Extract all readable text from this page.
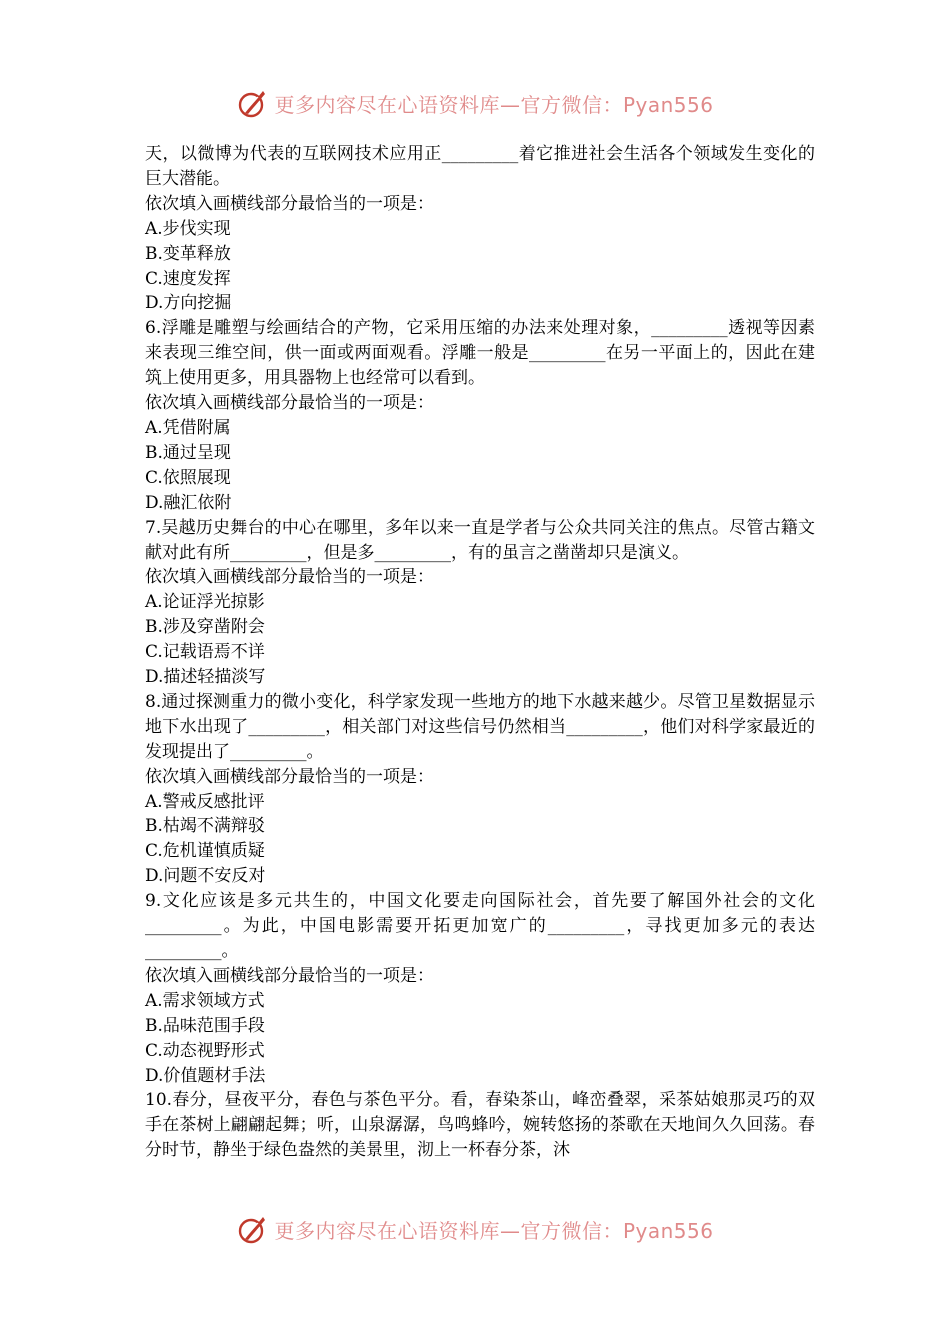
更多内容尽在心语资料库—官方微信：Pyan556

天，以微博为代表的互联网技术应用正_________着它推进社会生活各个领域发生变化的巨大潜能。

依次填入画横线部分最恰当的一项是：

A.步伐实现

B.变革释放

C.速度发挥

D.方向挖掘

6.浮雕是雕塑与绘画结合的产物，它采用压缩的办法来处理对象，_________透视等因素来表现三维空间，供一面或两面观看。浮雕一般是_________在另一平面上的，因此在建筑上使用更多，用具器物上也经常可以看到。

依次填入画横线部分最恰当的一项是：

A.凭借附属

B.通过呈现

C.依照展现

D.融汇依附

7.吴越历史舞台的中心在哪里，多年以来一直是学者与公众共同关注的焦点。尽管古籍文献对此有所_________，但是多_________，有的虽言之凿凿却只是演义。

依次填入画横线部分最恰当的一项是：

A.论证浮光掠影

B.涉及穿凿附会

C.记载语焉不详

D.描述轻描淡写

8.通过探测重力的微小变化，科学家发现一些地方的地下水越来越少。尽管卫星数据显示地下水出现了_________，相关部门对这些信号仍然相当_________，他们对科学家最近的发现提出了_________。

依次填入画横线部分最恰当的一项是：

A.警戒反感批评

B.枯竭不满辩驳

C.危机谨慎质疑

D.问题不安反对

9.文化应该是多元共生的，中国文化要走向国际社会，首先要了解国外社会的文化_________。为此，中国电影需要开拓更加宽广的_________，寻找更加多元的表达_________。

依次填入画横线部分最恰当的一项是：

A.需求领域方式

B.品味范围手段

C.动态视野形式

D.价值题材手法

10.春分，昼夜平分，春色与茶色平分。看，春染茶山，峰峦叠翠，采茶姑娘那灵巧的双手在茶树上翩翩起舞；听，山泉潺潺，鸟鸣蜂吟，婉转悠扬的茶歌在天地间久久回荡。春分时节，静坐于绿色盎然的美景里，沏上一杯春分茶，沐

更多内容尽在心语资料库—官方微信：Pyan556
